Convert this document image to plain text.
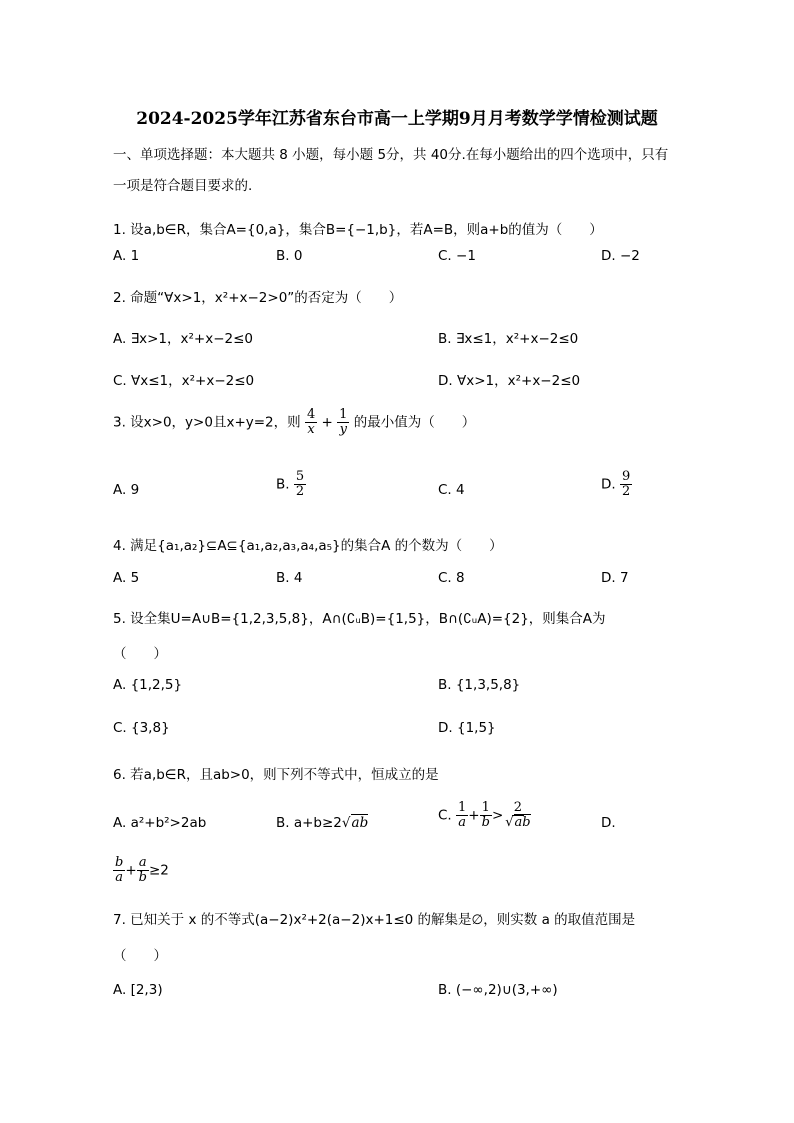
2024-2025学年江苏省东台市高一上学期9月月考数学学情检测试题
一、单项选择题：本大题共 8 小题，每小题 5分，共 40分.在每小题给出的四个选项中，只有
一项是符合题目要求的.
1. 设a,b∈R，集合A={0,a}，集合B={−1,b}，若A=B，则a+b的值为（　　）
A. 1	B. 0	C. −1	D. −2
2. 命题“∀x>1，x²+x−2>0”的否定为（　　）
A. ∃x>1，x²+x−2≤0	B. ∃x≤1，x²+x−2≤0
C. ∀x≤1，x²+x−2≤0	D. ∀x>1，x²+x−2≤0
3. 设x>0，y>0且x+y=2，则 $\frac{4}{x} + \frac{1}{y}$ 的最小值为（　　）
A. 9	B. $\frac{5}{2}$	C. 4	D. $\frac{9}{2}$
4. 满足{a₁,a₂}⊆A⊆{a₁,a₂,a₃,a₄,a₅}的集合A 的个数为（　　）
A. 5	B. 4	C. 8	D. 7
5. 设全集U=A∪B={1,2,3,5,8}，A∩(∁ᵤB)={1,5}，B∩(∁ᵤA)={2}，则集合A为
（　　）
A. {1,2,5}	B. {1,3,5,8}
C. {3,8}	D. {1,5}
6. 若a,b∈R，且ab>0，则下列不等式中，恒成立的是
A. a²+b²>2ab	B. a+b≥2√ab	C. $\frac{1}{a} + \frac{1}{b} > \frac{2}{√ab}$	D.
$\frac{b}{a} + \frac{a}{b} \ge 2$
7. 已知关于 x 的不等式(a−2)x²+2(a−2)x+1≤0 的解集是∅，则实数 a 的取值范围是
（　　）
A. [2,3)	B. (−∞,2)∪(3,+∞)
